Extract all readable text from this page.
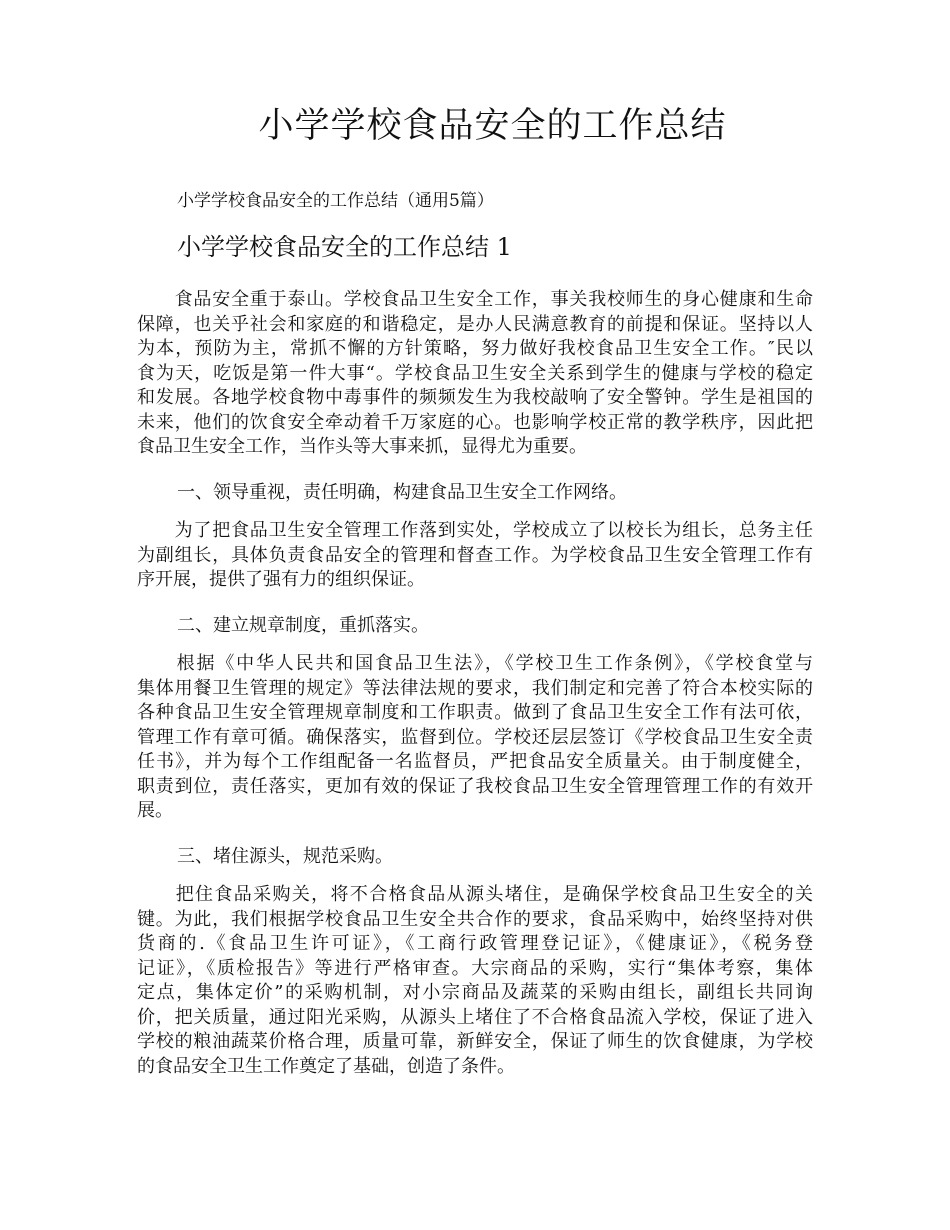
小学学校食品安全的工作总结
小学学校食品安全的工作总结（通用5篇）
小学学校食品安全的工作总结 1
　　食品安全重于泰山。学校食品卫生安全工作，事关我校师生的身心健康和生命
保障，也关乎社会和家庭的和谐稳定，是办人民满意教育的前提和保证。坚持以人
为本，预防为主，常抓不懈的方针策略，努力做好我校食品卫生安全工作。″民以
食为天，吃饭是第一件大事“。学校食品卫生安全关系到学生的健康与学校的稳定
和发展。各地学校食物中毒事件的频频发生为我校敲响了安全警钟。学生是祖国的
未来，他们的饮食安全牵动着千万家庭的心。也影响学校正常的教学秩序，因此把
食品卫生安全工作，当作头等大事来抓，显得尤为重要。
一、领导重视，责任明确，构建食品卫生安全工作网络。
　　为了把食品卫生安全管理工作落到实处，学校成立了以校长为组长，总务主任
为副组长，具体负责食品安全的管理和督查工作。为学校食品卫生安全管理工作有
序开展，提供了强有力的组织保证。
二、建立规章制度，重抓落实。
　　根据《中华人民共和国食品卫生法》，《学校卫生工作条例》，《学校食堂与
集体用餐卫生管理的规定》等法律法规的要求，我们制定和完善了符合本校实际的
各种食品卫生安全管理规章制度和工作职责。做到了食品卫生安全工作有法可依，
管理工作有章可循。确保落实，监督到位。学校还层层签订《学校食品卫生安全责
任书》，并为每个工作组配备一名监督员，严把食品安全质量关。由于制度健全，
职责到位，责任落实，更加有效的保证了我校食品卫生安全管理管理工作的有效开
展。
三、堵住源头，规范采购。
　　把住食品采购关，将不合格食品从源头堵住，是确保学校食品卫生安全的关
键。为此，我们根据学校食品卫生安全共合作的要求，食品采购中，始终坚持对供
货商的.《食品卫生许可证》，《工商行政管理登记证》，《健康证》，《税务登
记证》，《质检报告》等进行严格审查。大宗商品的采购，实行“集体考察，集体
定点，集体定价”的采购机制，对小宗商品及蔬菜的采购由组长，副组长共同询
价，把关质量，通过阳光采购，从源头上堵住了不合格食品流入学校，保证了进入
学校的粮油蔬菜价格合理，质量可靠，新鲜安全，保证了师生的饮食健康，为学校
的食品安全卫生工作奠定了基础，创造了条件。
